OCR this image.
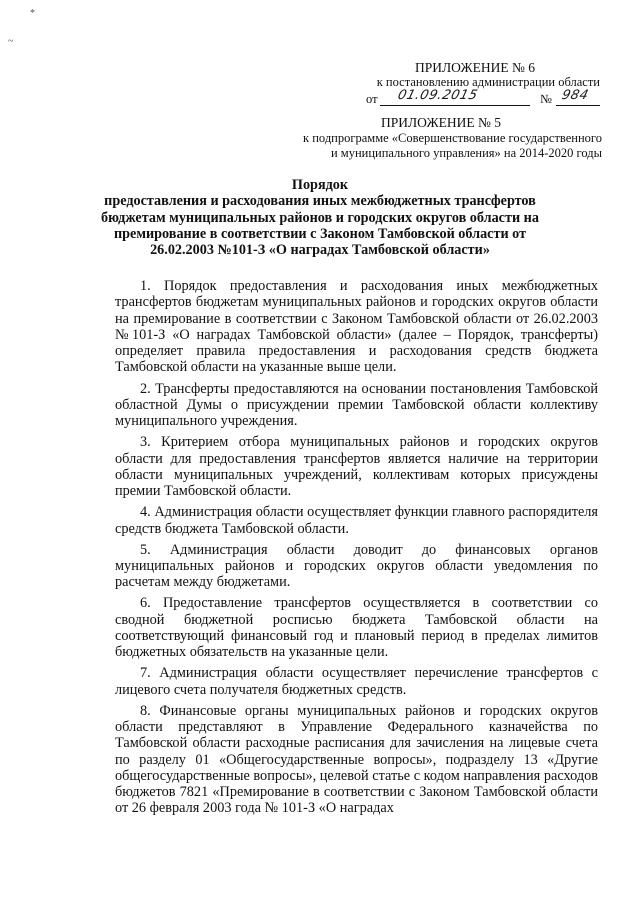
*
~
ПРИЛОЖЕНИЕ № 6
к постановлению администрации области
от 01.09.2015	№ 984
ПРИЛОЖЕНИЕ № 5
к подпрограмме «Совершенствование государственного
и муниципального управления» на 2014-2020 годы
Порядок
предоставления и расходования иных межбюджетных трансфертов
бюджетам муниципальных районов и городских округов области на
премирование в соответствии с Законом Тамбовской области от
26.02.2003 №101-З «О наградах Тамбовской области»

1. Порядок предоставления и расходования иных межбюджетных трансфертов бюджетам муниципальных районов и городских округов области на премирование в соответствии с Законом Тамбовской области от 26.02.2003 №101-З «О наградах Тамбовской области» (далее – Порядок, трансферты) определяет правила предоставления и расходования средств бюджета Тамбовской области на указанные выше цели.

2. Трансферты предоставляются на основании постановления Тамбовской областной Думы о присуждении премии Тамбовской области коллективу муниципального учреждения.

3. Критерием отбора муниципальных районов и городских округов области для предоставления трансфертов является наличие на территории области муниципальных учреждений, коллективам которых присуждены премии Тамбовской области.

4. Администрация области осуществляет функции главного распорядителя средств бюджета Тамбовской области.

5. Администрация области доводит до финансовых органов муниципальных районов и городских округов области уведомления по расчетам между бюджетами.

6. Предоставление трансфертов осуществляется в соответствии со сводной бюджетной росписью бюджета Тамбовской области на соответствующий финансовый год и плановый период в пределах лимитов бюджетных обязательств на указанные цели.

7. Администрация области осуществляет перечисление трансфертов с лицевого счета получателя бюджетных средств.

8. Финансовые органы муниципальных районов и городских округов области представляют в Управление Федерального казначейства по Тамбовской области расходные расписания для зачисления на лицевые счета по разделу 01 «Общегосударственные вопросы», подразделу 13 «Другие общегосударственные вопросы», целевой статье с кодом направления расходов бюджетов 7821 «Премирование в соответствии с Законом Тамбовской области от 26 февраля 2003 года № 101-З «О наградах
